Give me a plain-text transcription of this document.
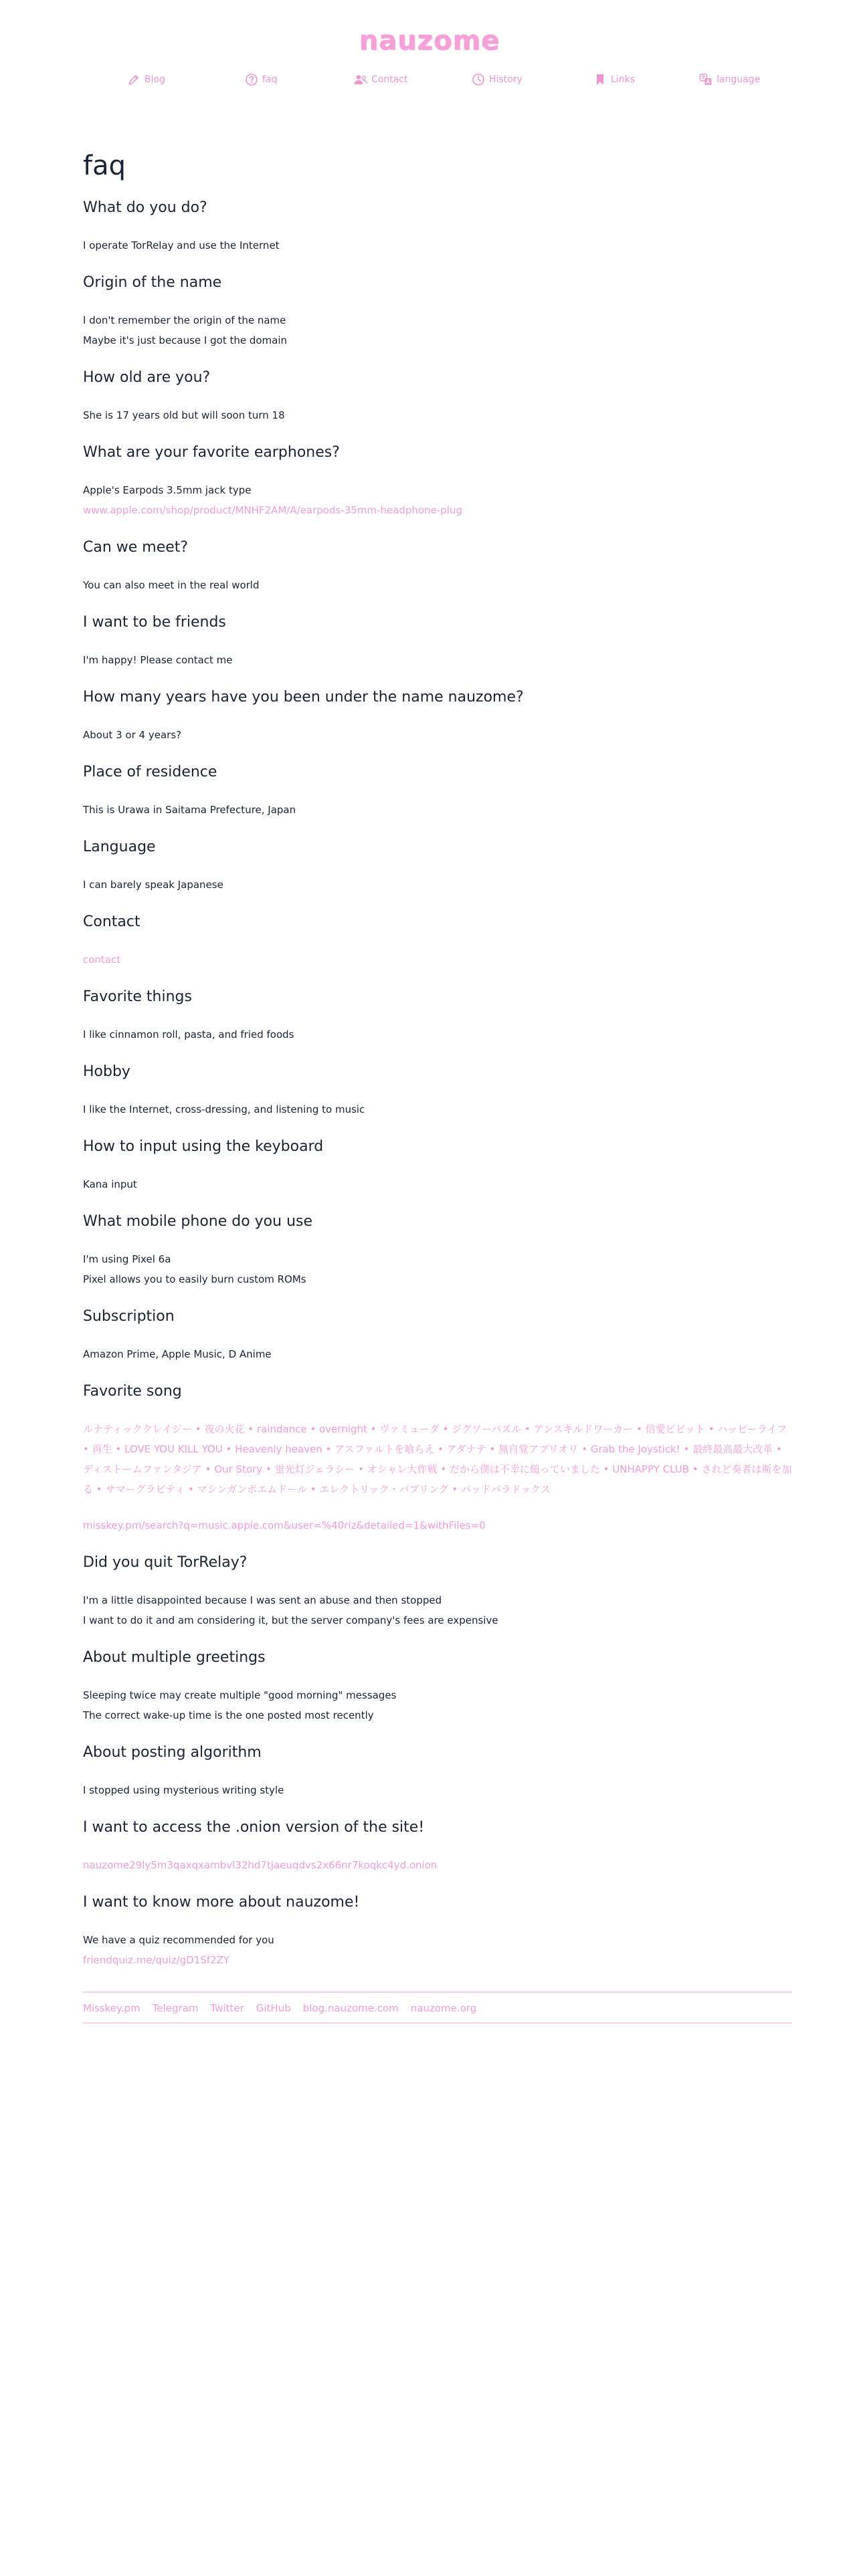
nauzome
Blog	faq	Contact	History	Links	language
faq
What do you do?

I operate TorRelay and use the Internet

Origin of the name

I don't remember the origin of the name

Maybe it's just because I got the domain

How old are you?

She is 17 years old but will soon turn 18

What are your favorite earphones?

Apple's Earpods 3.5mm jack type

www.apple.com/shop/product/MNHF2AM/A/earpods-35mm-headphone-plug
Can we meet?

You can also meet in the real world

I want to be friends

I'm happy! Please contact me

How many years have you been under the name nauzome?

About 3 or 4 years?

Place of residence

This is Urawa in Saitama Prefecture, Japan

Language

I can barely speak Japanese

Contact
contact
Favorite things

I like cinnamon roll, pasta, and fried foods

Hobby

I like the Internet, cross-dressing, and listening to music

How to input using the keyboard

Kana input

What mobile phone do you use

I'm using Pixel 6a

Pixel allows you to easily burn custom ROMs

Subscription

Amazon Prime, Apple Music, D Anime

Favorite song

ルナティッククレイジー • 夜の火花 • raindance • overnight • ヴァミューダ • ジグソーパズル • アンスキルドワーカー • 信愛ビビット • ハッピーライフ • 再生 • LOVE YOU KILL YOU • Heavenly heaven • アスファルトを喰らえ • アダナテ • 無自覚アプリオリ • Grab the Joystick! • 最終最高最大改革 • ディストームファンタジア • Our Story • 蛍光灯ジェラシー • オシャレ大作戦 • だから僕は不幸に縋っていました • UNHAPPY CLUB • されど奏者は斯を加る • サマーグラビティ • マシンガンポエムドール • エレクトリック・バブリング • パッドパラドックス

misskey.pm/search?q=music.apple.com&user=%40riz&detailed=1&withFiles=0
Did you quit TorRelay?

I'm a little disappointed because I was sent an abuse and then stopped

I want to do it and am considering it, but the server company's fees are expensive

About multiple greetings

Sleeping twice may create multiple "good morning" messages

The correct wake-up time is the one posted most recently

About posting algorithm

I stopped using mysterious writing style

I want to access the .onion version of the site!
nauzome29ly5m3qaxqxambvl32hd7tjaeuqdvs2x66nr7koqkc4yd.onion
I want to know more about nauzome!

We have a quiz recommended for you

friendquiz.me/quiz/gD1Sf2ZY
Misskey.pm Telegram Twitter GitHub blog.nauzome.com nauzome.org
